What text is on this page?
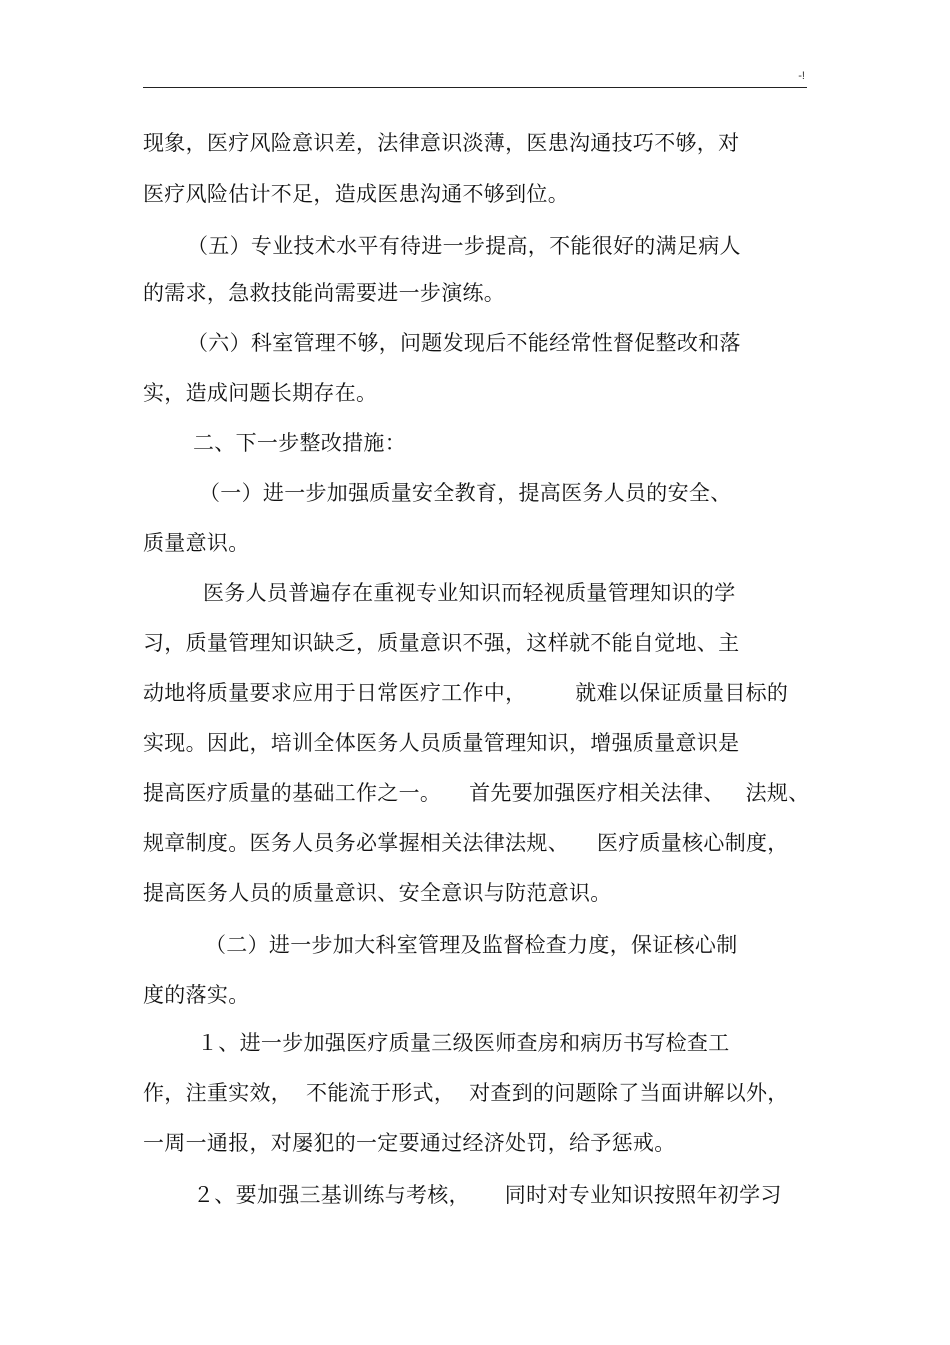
-!
现象，医疗风险意识差，法律意识淡薄，医患沟通技巧不够，对
医疗风险估计不足，造成医患沟通不够到位。
（五）专业技术水平有待进一步提高，不能很好的满足病人
的需求，急救技能尚需要进一步演练。
（六）科室管理不够，问题发现后不能经常性督促整改和落
实，造成问题长期存在。
二、下一步整改措施：
（一）进一步加强质量安全教育，提高医务人员的安全、
质量意识。
医务人员普遍存在重视专业知识而轻视质量管理知识的学
习，质量管理知识缺乏，质量意识不强，这样就不能自觉地、主
动地将质量要求应用于日常医疗工作中，       就难以保证质量目标的
实现。因此，培训全体医务人员质量管理知识，增强质量意识是
提高医疗质量的基础工作之一。    首先要加强医疗相关法律、   法规、
规章制度。医务人员务必掌握相关法律法规、    医疗质量核心制度，
提高医务人员的质量意识、安全意识与防范意识。
（二）进一步加大科室管理及监督检查力度，保证核心制
度的落实。
１、进一步加强医疗质量三级医师查房和病历书写检查工
作，注重实效，  不能流于形式，  对查到的问题除了当面讲解以外，
一周一通报，对屡犯的一定要通过经济处罚，给予惩戒。
２、要加强三基训练与考核，     同时对专业知识按照年初学习
